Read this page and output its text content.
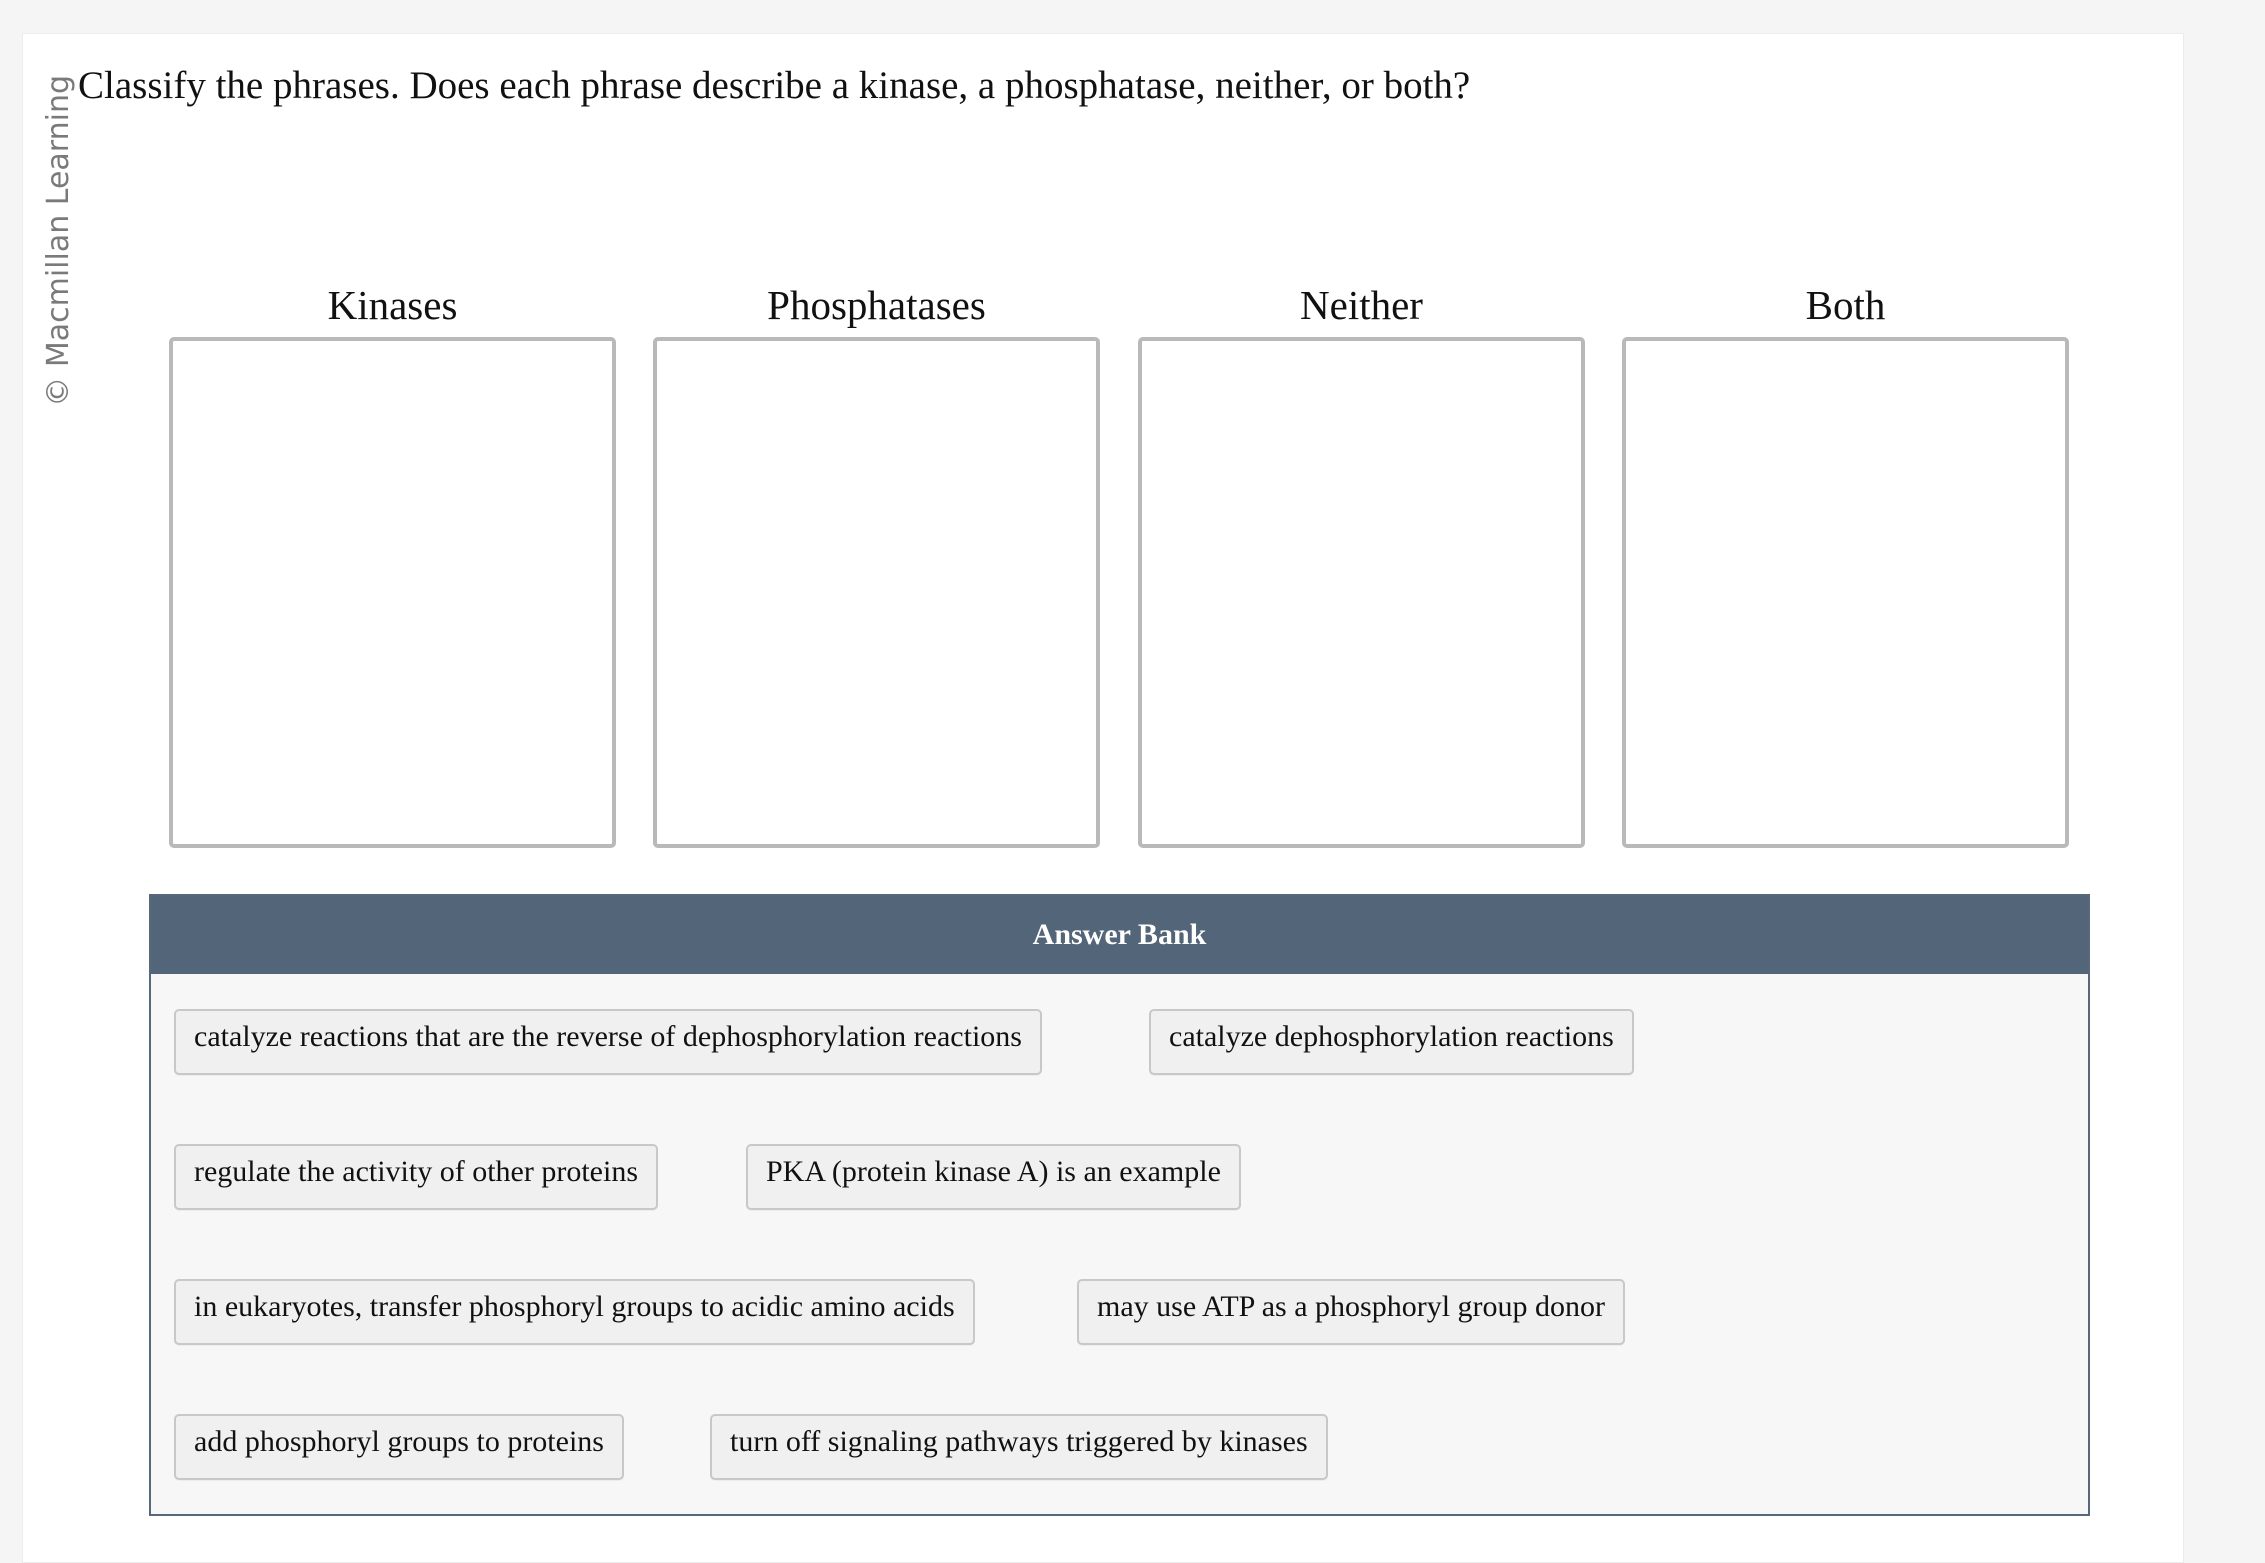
© Macmillan Learning Classify the phrases. Does each phrase describe a kinase, a phosphatase, neither, or both?
Kinases	Phosphatases	Neither	Both
Answer Bank
catalyze reactions that are the reverse of dephosphorylation reactions	catalyze dephosphorylation reactions
regulate the activity of other proteins	PKA (protein kinase A) is an example
in eukaryotes, transfer phosphoryl groups to acidic amino acids	may use ATP as a phosphoryl group donor
add phosphoryl groups to proteins	turn off signaling pathways triggered by kinases
